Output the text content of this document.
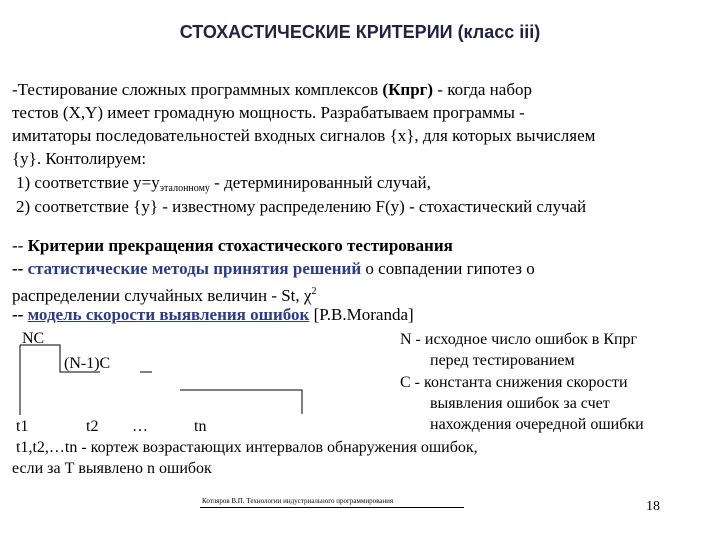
СТОХАСТИЧЕСКИЕ КРИТЕРИИ (класс iii)
-Тестирование сложных программных комплексов (Кпрг) - когда набор
тестов (X,Y) имеет громадную мощность. Разрабатываем программы -
имитаторы последовательностей входных сигналов {x}, для которых вычисляем
{y}. Контолируем:
1) соответствие $y=y_{эталонному}$ - детерминированный случай,
2) соответствие {y} - известному распределению F(y) - стохастический случай
-- Критерии прекращения стохастического тестирования
-- статистические методы принятия решений о совпадении гипотез о
распределении случайных величин - St, $\chi^2$
-- модель скорости выявления ошибок [P.B.Moranda]
NC
(N-1)C
t1	t2 …	tn
N - исходное число ошибок в Кпрг
перед тестированием
С - константа снижения скорости
выявления ошибок за счет
нахождения очередной ошибки
t1,t2,…tn - кортеж возрастающих интервалов обнаружения ошибок,
если за Т выявлено n ошибок
Котляров В.П. Технологии индустриального программирования	18
